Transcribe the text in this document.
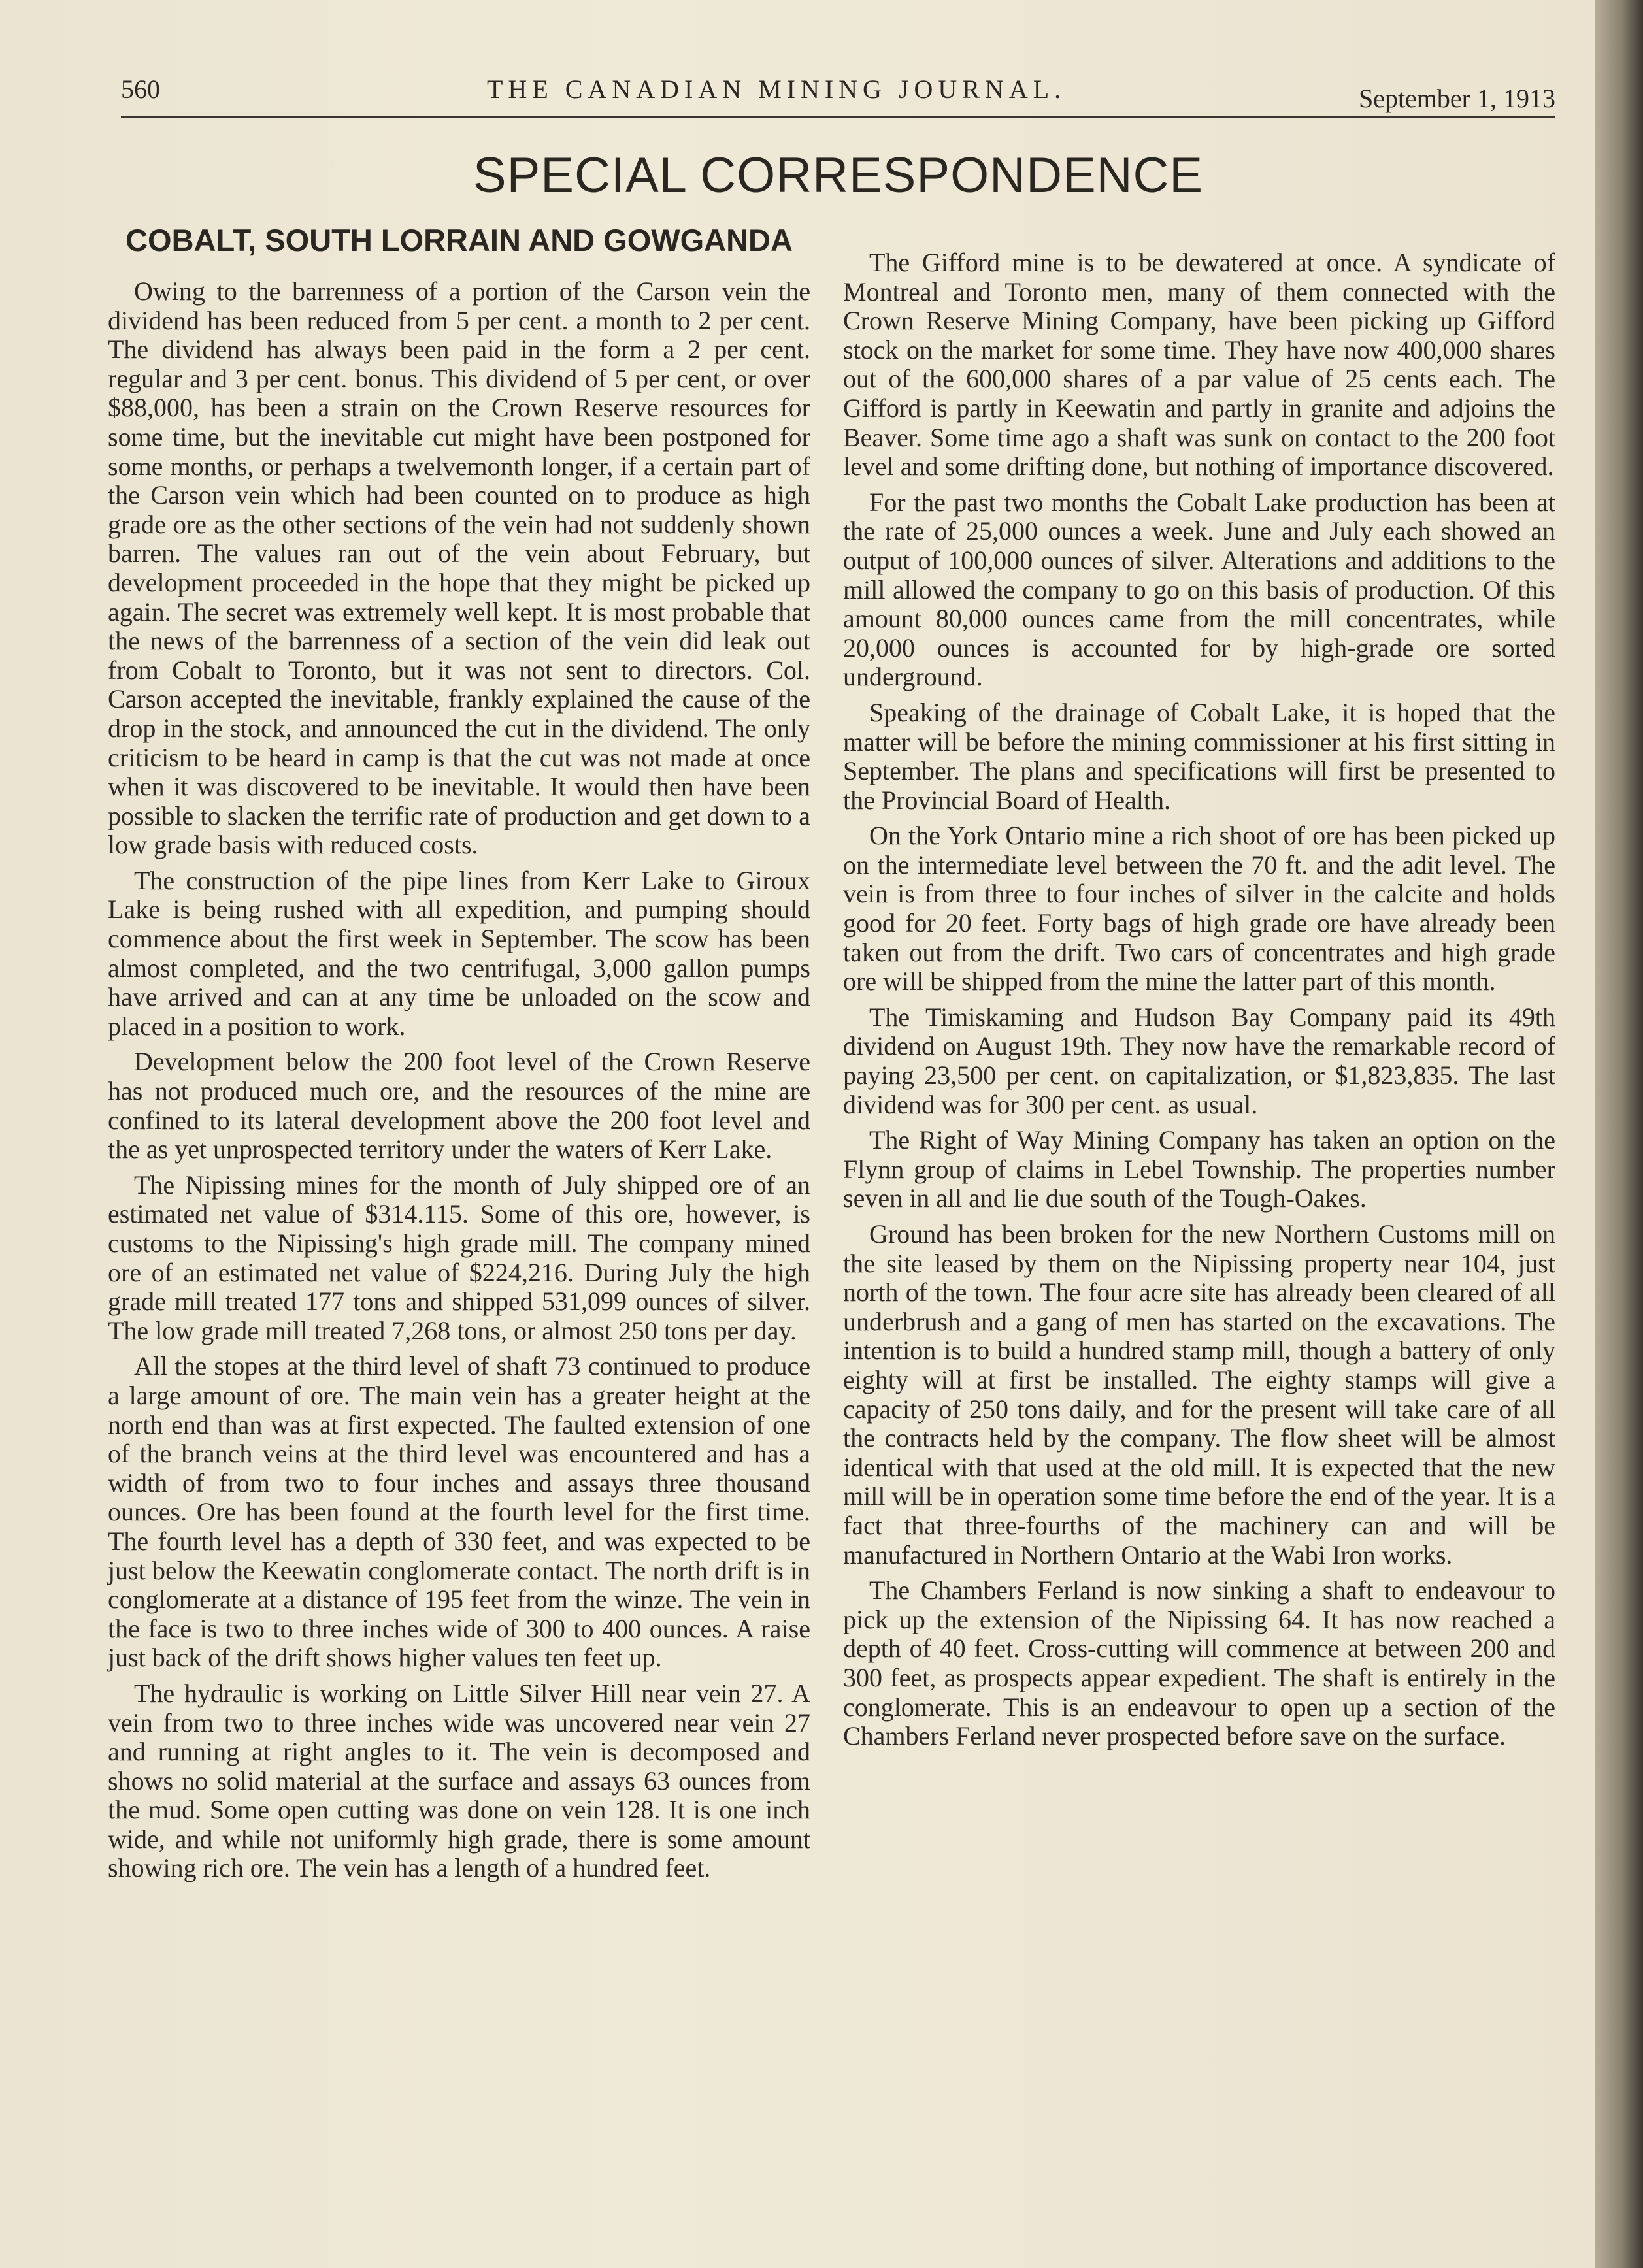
560	THE CANADIAN MINING JOURNAL.	September 1, 1913
SPECIAL CORRESPONDENCE
COBALT, SOUTH LORRAIN AND GOWGANDA

Owing to the barrenness of a portion of the Carson vein the dividend has been reduced from 5 per cent. a month to 2 per cent. The dividend has always been paid in the form a 2 per cent. regular and 3 per cent. bonus. This dividend of 5 per cent, or over $88,000, has been a strain on the Crown Reserve resources for some time, but the inevitable cut might have been postponed for some months, or perhaps a twelvemonth longer, if a certain part of the Carson vein which had been counted on to produce as high grade ore as the other sections of the vein had not suddenly shown barren. The values ran out of the vein about February, but development proceeded in the hope that they might be picked up again. The secret was extremely well kept. It is most probable that the news of the barrenness of a section of the vein did leak out from Cobalt to Toronto, but it was not sent to directors. Col. Carson accepted the inevitable, frankly explained the cause of the drop in the stock, and announced the cut in the dividend. The only criticism to be heard in camp is that the cut was not made at once when it was discovered to be inevitable. It would then have been possible to slacken the terrific rate of production and get down to a low grade basis with reduced costs.

The construction of the pipe lines from Kerr Lake to Giroux Lake is being rushed with all expedition, and pumping should commence about the first week in September. The scow has been almost completed, and the two centrifugal, 3,000 gallon pumps have arrived and can at any time be unloaded on the scow and placed in a position to work.

Development below the 200 foot level of the Crown Reserve has not produced much ore, and the resources of the mine are confined to its lateral development above the 200 foot level and the as yet unprospected territory under the waters of Kerr Lake.

The Nipissing mines for the month of July shipped ore of an estimated net value of $314.115. Some of this ore, however, is customs to the Nipissing's high grade mill. The company mined ore of an estimated net value of $224,216. During July the high grade mill treated 177 tons and shipped 531,099 ounces of silver. The low grade mill treated 7,268 tons, or almost 250 tons per day.

All the stopes at the third level of shaft 73 continued to produce a large amount of ore. The main vein has a greater height at the north end than was at first expected. The faulted extension of one of the branch veins at the third level was encountered and has a width of from two to four inches and assays three thousand ounces. Ore has been found at the fourth level for the first time. The fourth level has a depth of 330 feet, and was expected to be just below the Keewatin conglomerate contact. The north drift is in conglomerate at a distance of 195 feet from the winze. The vein in the face is two to three inches wide of 300 to 400 ounces. A raise just back of the drift shows higher values ten feet up.

The hydraulic is working on Little Silver Hill near vein 27. A vein from two to three inches wide was uncovered near vein 27 and running at right angles to it. The vein is decomposed and shows no solid material at the surface and assays 63 ounces from the mud. Some open cutting was done on vein 128. It is one inch wide, and while not uniformly high grade, there is some amount showing rich ore. The vein has a length of a hundred feet.

The Gifford mine is to be dewatered at once. A syndicate of Montreal and Toronto men, many of them connected with the Crown Reserve Mining Company, have been picking up Gifford stock on the market for some time. They have now 400,000 shares out of the 600,000 shares of a par value of 25 cents each. The Gifford is partly in Keewatin and partly in granite and adjoins the Beaver. Some time ago a shaft was sunk on contact to the 200 foot level and some drifting done, but nothing of importance discovered.

For the past two months the Cobalt Lake production has been at the rate of 25,000 ounces a week. June and July each showed an output of 100,000 ounces of silver. Alterations and additions to the mill allowed the company to go on this basis of production. Of this amount 80,000 ounces came from the mill concentrates, while 20,000 ounces is accounted for by high-grade ore sorted underground.

Speaking of the drainage of Cobalt Lake, it is hoped that the matter will be before the mining commissioner at his first sitting in September. The plans and specifications will first be presented to the Provincial Board of Health.

On the York Ontario mine a rich shoot of ore has been picked up on the intermediate level between the 70 ft. and the adit level. The vein is from three to four inches of silver in the calcite and holds good for 20 feet. Forty bags of high grade ore have already been taken out from the drift. Two cars of concentrates and high grade ore will be shipped from the mine the latter part of this month.

The Timiskaming and Hudson Bay Company paid its 49th dividend on August 19th. They now have the remarkable record of paying 23,500 per cent. on capitalization, or $1,823,835. The last dividend was for 300 per cent. as usual.

The Right of Way Mining Company has taken an option on the Flynn group of claims in Lebel Township. The properties number seven in all and lie due south of the Tough-Oakes.

Ground has been broken for the new Northern Customs mill on the site leased by them on the Nipissing property near 104, just north of the town. The four acre site has already been cleared of all underbrush and a gang of men has started on the excavations. The intention is to build a hundred stamp mill, though a battery of only eighty will at first be installed. The eighty stamps will give a capacity of 250 tons daily, and for the present will take care of all the contracts held by the company. The flow sheet will be almost identical with that used at the old mill. It is expected that the new mill will be in operation some time before the end of the year. It is a fact that three-fourths of the machinery can and will be manufactured in Northern Ontario at the Wabi Iron works.

The Chambers Ferland is now sinking a shaft to endeavour to pick up the extension of the Nipissing 64. It has now reached a depth of 40 feet. Cross-cutting will commence at between 200 and 300 feet, as prospects appear expedient. The shaft is entirely in the conglomerate. This is an endeavour to open up a section of the Chambers Ferland never prospected before save on the surface.
